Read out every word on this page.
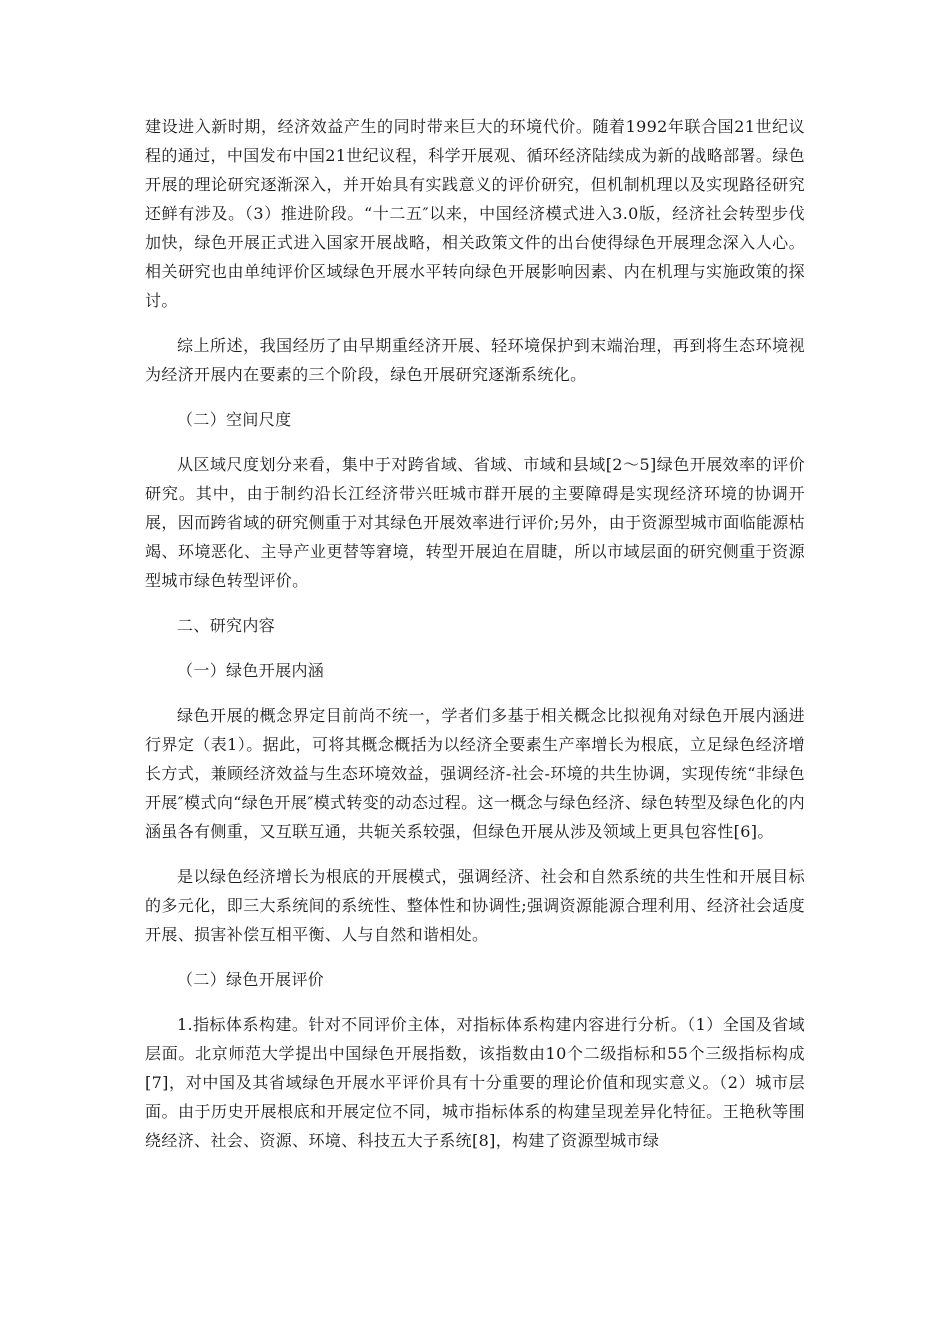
建设进入新时期，经济效益产生的同时带来巨大的环境代价。随着1992年联合国21世纪议程的通过，中国发布中国21世纪议程，科学开展观、循环经济陆续成为新的战略部署。绿色开展的理论研究逐渐深入，并开始具有实践意义的评价研究，但机制机理以及实现路径研究还鲜有涉及。（3）推进阶段。“十二五″以来，中国经济模式进入3.0版，经济社会转型步伐加快，绿色开展正式进入国家开展战略，相关政策文件的出台使得绿色开展理念深入人心。相关研究也由单纯评价区域绿色开展水平转向绿色开展影响因素、内在机理与实施政策的探讨。

综上所述，我国经历了由早期重经济开展、轻环境保护到末端治理，再到将生态环境视为经济开展内在要素的三个阶段，绿色开展研究逐渐系统化。

（二）空间尺度

从区域尺度划分来看，集中于对跨省域、省域、市域和县域[2～5]绿色开展效率的评价研究。其中，由于制约沿长江经济带兴旺城市群开展的主要障碍是实现经济环境的协调开展，因而跨省域的研究侧重于对其绿色开展效率进行评价;另外，由于资源型城市面临能源枯竭、环境恶化、主导产业更替等窘境，转型开展迫在眉睫，所以市域层面的研究侧重于资源型城市绿色转型评价。

二、研究内容

（一）绿色开展内涵

绿色开展的概念界定目前尚不统一，学者们多基于相关概念比拟视角对绿色开展内涵进行界定（表1）。据此，可将其概念概括为以经济全要素生产率增长为根底，立足绿色经济增长方式，兼顾经济效益与生态环境效益，强调经济-社会-环境的共生协调，实现传统“非绿色开展″模式向“绿色开展″模式转变的动态过程。这一概念与绿色经济、绿色转型及绿色化的内涵虽各有侧重，又互联互通，共轭关系较强，但绿色开展从涉及领域上更具包容性[6]。

是以绿色经济增长为根底的开展模式，强调经济、社会和自然系统的共生性和开展目标的多元化，即三大系统间的系统性、整体性和协调性;强调资源能源合理利用、经济社会适度开展、损害补偿互相平衡、人与自然和谐相处。

（二）绿色开展评价

1.指标体系构建。针对不同评价主体，对指标体系构建内容进行分析。（1）全国及省域层面。北京师范大学提出中国绿色开展指数，该指数由10个二级指标和55个三级指标构成[7]，对中国及其省域绿色开展水平评价具有十分重要的理论价值和现实意义。（2）城市层面。由于历史开展根底和开展定位不同，城市指标体系的构建呈现差异化特征。王艳秋等围绕经济、社会、资源、环境、科技五大子系统[8]，构建了资源型城市绿
